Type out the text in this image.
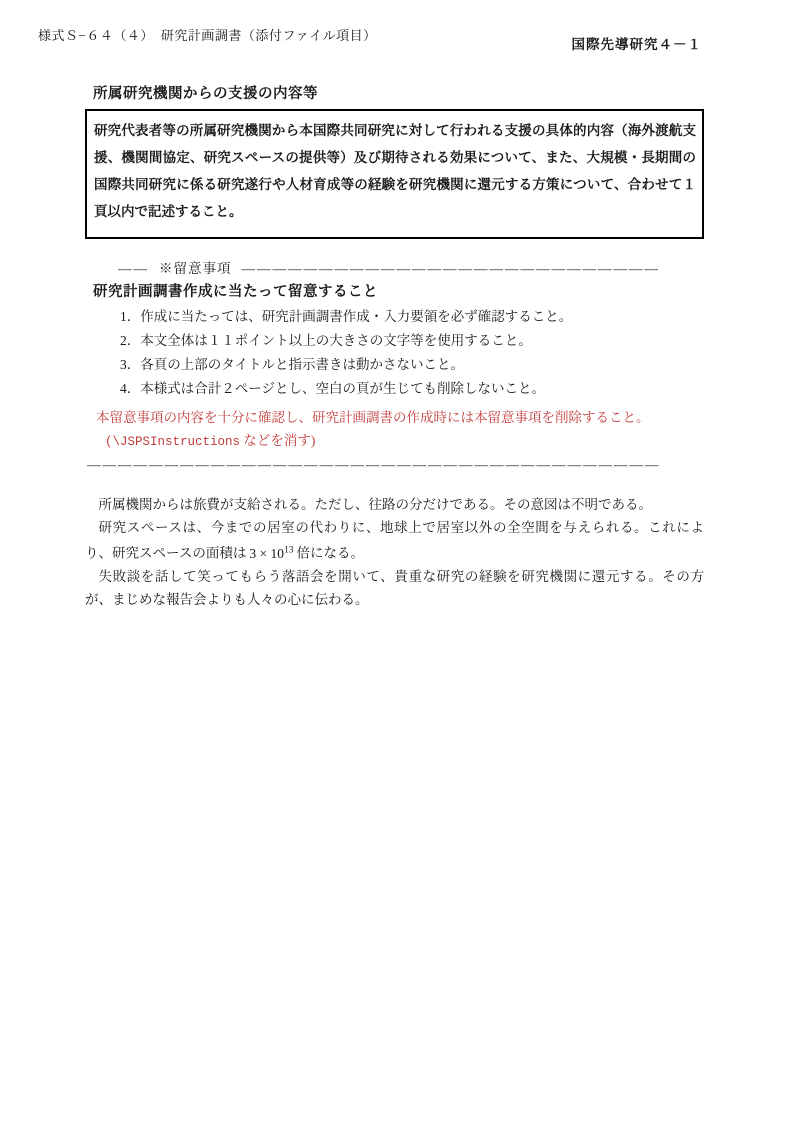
様式Ｓ−６４（４）　研究計画調書（添付ファイル項目）
国際先導研究４－１
所属研究機関からの支援の内容等
研究代表者等の所属研究機関から本国際共同研究に対して行われる支援の具体的内容（海外渡航支援、機関間協定、研究スペースの提供等）及び期待される効果について、また、大規模・長期間の国際共同研究に係る研究遂行や人材育成等の経験を研究機関に還元する方策について、合わせて１頁以内で記述すること。
—— ※留意事項 ———————————————————————————
研究計画調書作成に当たって留意すること
1．作成に当たっては、研究計画調書作成・入力要領を必ず確認すること。
2．本文全体は１１ポイント以上の大きさの文字等を使用すること。
3．各頁の上部のタイトルと指示書きは動かさないこと。
4．本様式は合計２ページとし、空白の頁が生じても削除しないこと。
本留意事項の内容を十分に確認し、研究計画調書の作成時には本留意事項を削除すること。
(\JSPSInstructions などを消す)
—————————————————————————————————————

所属機関からは旅費が支給される。ただし、往路の分だけである。その意図は不明である。

研究スペースは、今までの居室の代わりに、地球上で居室以外の全空間を与えられる。これにより、研究スペースの面積は $3 \times 10^{13}$ 倍になる。

失敗談を話して笑ってもらう落語会を開いて、貴重な研究の経験を研究機関に還元する。その方が、まじめな報告会よりも人々の心に伝わる。
